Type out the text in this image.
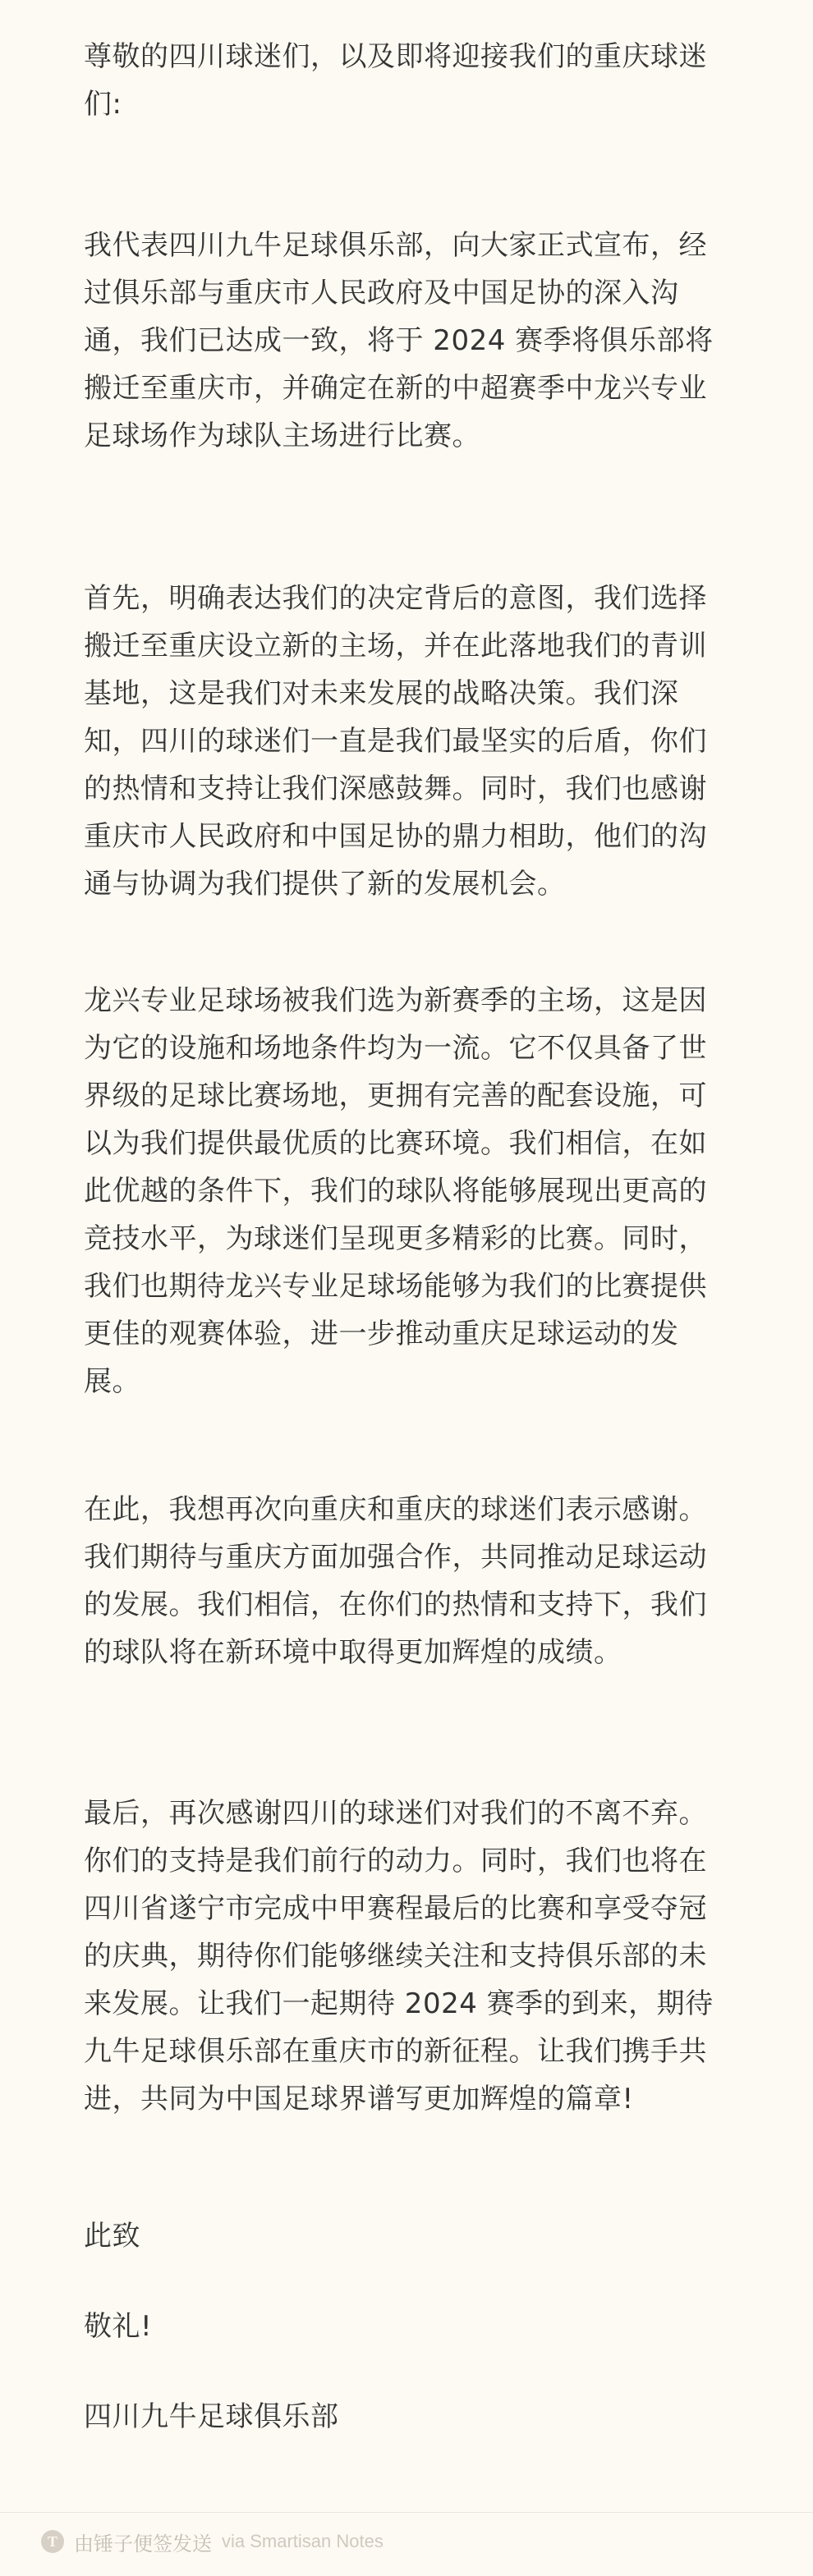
尊敬的四川球迷们，以及即将迎接我们的重庆球迷们:

我代表四川九牛足球俱乐部，向大家正式宣布，经过俱乐部与重庆市人民政府及中国足协的深入沟通，我们已达成一致，将于 2024 赛季将俱乐部将搬迁至重庆市，并确定在新的中超赛季中龙兴专业足球场作为球队主场进行比赛。

首先，明确表达我们的决定背后的意图，我们选择搬迁至重庆设立新的主场，并在此落地我们的青训基地，这是我们对未来发展的战略决策。我们深知，四川的球迷们一直是我们最坚实的后盾，你们的热情和支持让我们深感鼓舞。同时，我们也感谢重庆市人民政府和中国足协的鼎力相助，他们的沟通与协调为我们提供了新的发展机会。

龙兴专业足球场被我们选为新赛季的主场，这是因为它的设施和场地条件均为一流。它不仅具备了世界级的足球比赛场地，更拥有完善的配套设施，可以为我们提供最优质的比赛环境。我们相信，在如此优越的条件下，我们的球队将能够展现出更高的竞技水平，为球迷们呈现更多精彩的比赛。同时，我们也期待龙兴专业足球场能够为我们的比赛提供更佳的观赛体验，进一步推动重庆足球运动的发展。

在此，我想再次向重庆和重庆的球迷们表示感谢。我们期待与重庆方面加强合作，共同推动足球运动的发展。我们相信，在你们的热情和支持下，我们的球队将在新环境中取得更加辉煌的成绩。

最后，再次感谢四川的球迷们对我们的不离不弃。你们的支持是我们前行的动力。同时，我们也将在四川省遂宁市完成中甲赛程最后的比赛和享受夺冠的庆典，期待你们能够继续关注和支持俱乐部的未来发展。让我们一起期待 2024 赛季的到来，期待九牛足球俱乐部在重庆市的新征程。让我们携手共进，共同为中国足球界谱写更加辉煌的篇章!

此致

敬礼!

四川九牛足球俱乐部

T 由锤子便签发送 via Smartisan Notes
